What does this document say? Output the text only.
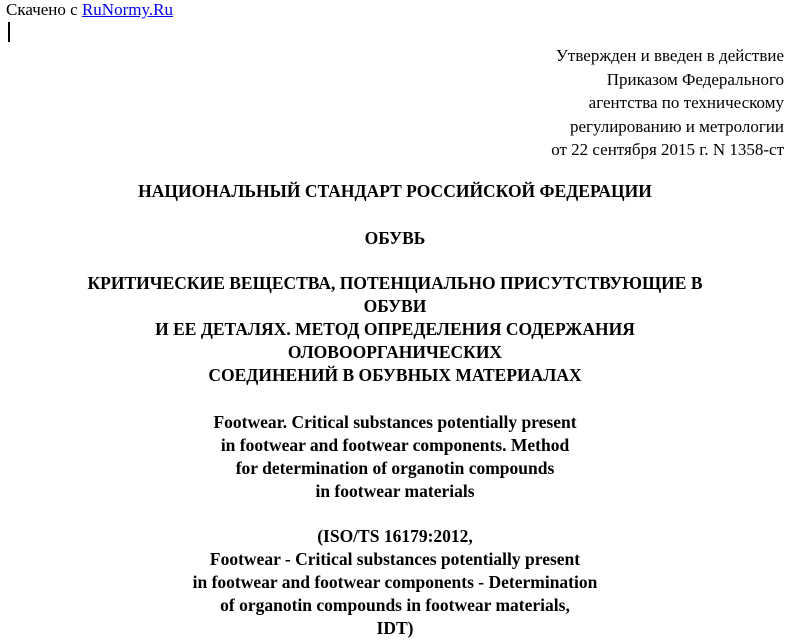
Скачено с RuNormy.Ru
Утвержден и введен в действие
Приказом Федерального
агентства по техническому
регулированию и метрологии
от 22 сентября 2015 г. N 1358-ст
НАЦИОНАЛЬНЫЙ СТАНДАРТ РОССИЙСКОЙ ФЕДЕРАЦИИ
ОБУВЬ
КРИТИЧЕСКИЕ ВЕЩЕСТВА, ПОТЕНЦИАЛЬНО ПРИСУТСТВУЮЩИЕ В
ОБУВИ
И ЕЕ ДЕТАЛЯХ. МЕТОД ОПРЕДЕЛЕНИЯ СОДЕРЖАНИЯ
ОЛОВООРГАНИЧЕСКИХ
СОЕДИНЕНИЙ В ОБУВНЫХ МАТЕРИАЛАХ
Footwear. Critical substances potentially present
in footwear and footwear components. Method
for determination of organotin compounds
in footwear materials
(ISO/TS 16179:2012,
Footwear - Critical substances potentially present
in footwear and footwear components - Determination
of organotin compounds in footwear materials,
IDT)
